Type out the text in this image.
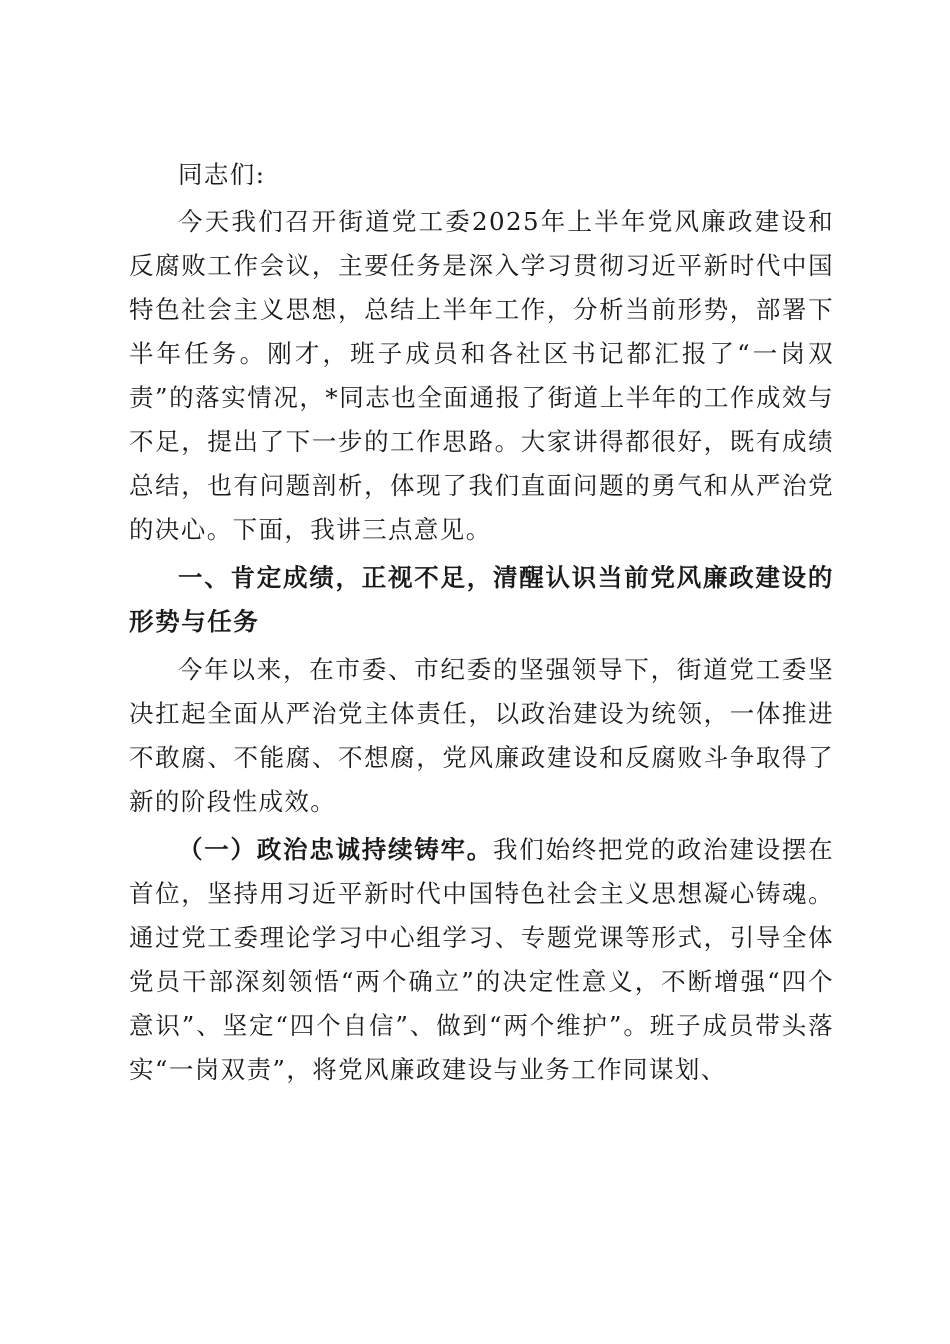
同志们:

今天我们召开街道党工委2025年上半年党风廉政建设和反腐败工作会议，主要任务是深入学习贯彻习近平新时代中国特色社会主义思想，总结上半年工作，分析当前形势，部署下半年任务。刚才，班子成员和各社区书记都汇报了“一岗双责”的落实情况，*同志也全面通报了街道上半年的工作成效与不足，提出了下一步的工作思路。大家讲得都很好，既有成绩总结，也有问题剖析，体现了我们直面问题的勇气和从严治党的决心。下面，我讲三点意见。

一、肯定成绩，正视不足，清醒认识当前党风廉政建设的形势与任务

今年以来，在市委、市纪委的坚强领导下，街道党工委坚决扛起全面从严治党主体责任，以政治建设为统领，一体推进不敢腐、不能腐、不想腐，党风廉政建设和反腐败斗争取得了新的阶段性成效。

（一）政治忠诚持续铸牢。我们始终把党的政治建设摆在首位，坚持用习近平新时代中国特色社会主义思想凝心铸魂。通过党工委理论学习中心组学习、专题党课等形式，引导全体党员干部深刻领悟“两个确立”的决定性意义，不断增强“四个意识”、坚定“四个自信”、做到“两个维护”。班子成员带头落实“一岗双责”，将党风廉政建设与业务工作同谋划、
